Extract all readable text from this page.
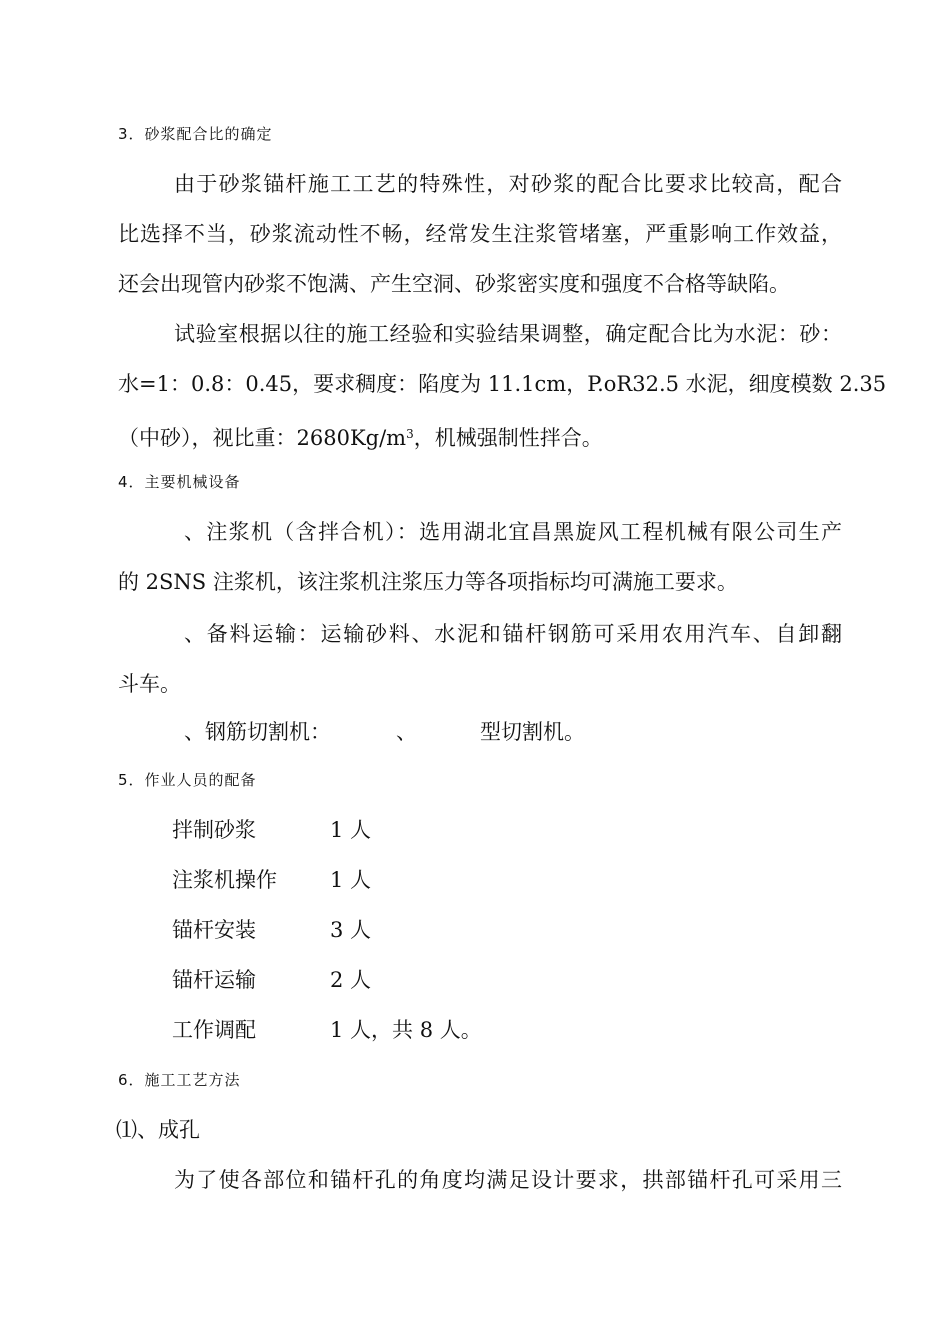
3．砂浆配合比的确定
由于砂浆锚杆施工工艺的特殊性，对砂浆的配合比要求比较高，配合
比选择不当，砂浆流动性不畅，经常发生注浆管堵塞，严重影响工作效益，
还会出现管内砂浆不饱满、产生空洞、砂浆密实度和强度不合格等缺陷。
试验室根据以往的施工经验和实验结果调整，确定配合比为水泥：砂：
水=1：0.8：0.45，要求稠度：陷度为 11.1cm，P.oR32.5 水泥，细度模数 2.35
（中砂），视比重：$2680Kg/m^3$，机械强制性拌合。
4．主要机械设备
、注浆机（含拌合机）：选用湖北宜昌黑旋风工程机械有限公司生产
的 2SNS 注浆机，该注浆机注浆压力等各项指标均可满施工要求。
、备料运输：运输砂料、水泥和锚杆钢筋可采用农用汽车、自卸翻
斗车。
、钢筋切割机：	、	型切割机。
5．作业人员的配备
拌制砂浆	1 人
注浆机操作	1 人
锚杆安装	3 人
锚杆运输	2 人
工作调配	1 人，共 8 人。
6．施工工艺方法
⑴、成孔
为了使各部位和锚杆孔的角度均满足设计要求，拱部锚杆孔可采用三
